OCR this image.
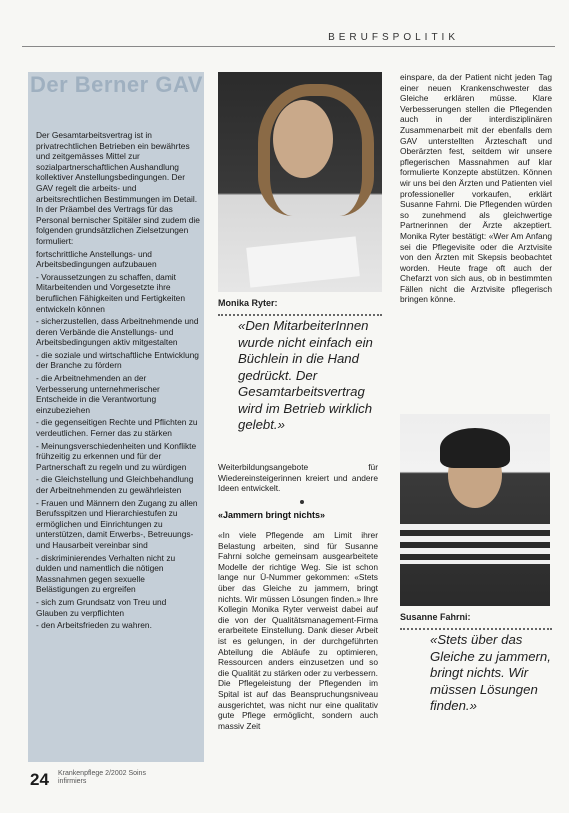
BERUFSPOLITIK
Der Berner GAV

Der Gesamtarbeitsvertrag ist in privatrechtlichen Betrieben ein bewährtes und zeitgemässes Mittel zur sozialpartnerschaftlichen Aushandlung kollektiver Anstellungsbedingungen. Der GAV regelt die arbeits- und arbeitsrechtlichen Bestimmungen im Detail. In der Präambel des Vertrags für das Personal bernischer Spitäler sind zudem die folgenden grundsätzlichen Zielsetzungen formuliert:

fortschrittliche Anstellungs- und Arbeitsbedingungen aufzubauen

- Voraussetzungen zu schaffen, damit Mitarbeitenden und Vorgesetzte ihre beruflichen Fähigkeiten und Fertigkeiten entwickeln können

- sicherzustellen, dass Arbeitnehmende und deren Verbände die Anstellungs- und Arbeitsbedingungen aktiv mitgestalten

- die soziale und wirtschaftliche Entwicklung der Branche zu fördern

- die Arbeitnehmenden an der Verbesserung unternehmerischer Entscheide in die Verantwortung einzubeziehen

- die gegenseitigen Rechte und Pflichten zu verdeutlichen. Ferner das zu stärken

- Meinungsverschiedenheiten und Konflikte frühzeitig zu erkennen und für der Partnerschaft zu regeln und zu würdigen

- die Gleichstellung und Gleichbehandlung der Arbeitnehmenden zu gewährleisten

- Frauen und Männern den Zugang zu allen Berufsspitzen und Hierarchiestufen zu ermöglichen und Einrichtungen zu unterstützen, damit Erwerbs-, Betreuungs- und Hausarbeit vereinbar sind

- diskriminierendes Verhalten nicht zu dulden und namentlich die nötigen Massnahmen gegen sexuelle Belästigungen zu ergreifen

- sich zum Grundsatz von Treu und Glauben zu verpflichten

- den Arbeitsfrieden zu wahren.

Monika Ryter:
«Den MitarbeiterInnen wurde nicht einfach ein Büchlein in die Hand gedrückt. Der Gesamtarbeitsvertrag wird im Betrieb wirklich gelebt.»

Weiterbildungsangebote für Wiedereinsteigerinnen kreiert und andere Ideen entwickelt.

«Jammern bringt nichts»

«In viele Pflegende am Limit ihrer Belastung arbeiten, sind für Susanne Fahrni solche gemeinsam ausgearbeitete Modelle der richtige Weg. Sie ist schon lange nur Ü-Nummer gekommen: «Stets über das Gleiche zu jammern, bringt nichts. Wir müssen Lösungen finden.» Ihre Kollegin Monika Ryter verweist dabei auf die von der Qualitätsmanagement-Firma erarbeitete Einstellung. Dank dieser Arbeit ist es gelungen, in der durchgeführten Abteilung die Abläufe zu optimieren, Ressourcen anders einzusetzen und so die Qualität zu stärken oder zu verbessern. Die Pflegeleistung der Pflegenden im Spital ist auf das Beanspruchungsniveau ausgerichtet, was nicht nur eine qualitativ gute Pflege ermöglicht, sondern auch massiv Zeit

einspare, da der Patient nicht jeden Tag einer neuen Krankenschwester das Gleiche erklären müsse. Klare Verbesserungen stellen die Pflegenden auch in der interdisziplinären Zusammenarbeit mit der ebenfalls dem GAV unterstellten Ärzteschaft und Oberärzten fest, seitdem wir unsere pflegerischen Massnahmen auf klar formulierte Konzepte abstützen. Können wir uns bei den Ärzten und Patienten viel professioneller vorkaufen, erklärt Susanne Fahrni. Die Pflegenden würden so zunehmend als gleichwertige Partnerinnen der Ärzte akzeptiert. Monika Ryter bestätigt: «Wer Am Anfang sei die Pflegevisite oder die Arztvisite von den Ärzten mit Skepsis beobachtet worden. Heute frage oft auch der Chefarzt von sich aus, ob in bestimmten Fällen nicht die Arztvisite pflegerisch bringen könne.

Susanne Fahrni:
«Stets über das Gleiche zu jammern, bringt nichts. Wir müssen Lösungen finden.»
24 Krankenpflege 2/2002 Soins infirmiers
